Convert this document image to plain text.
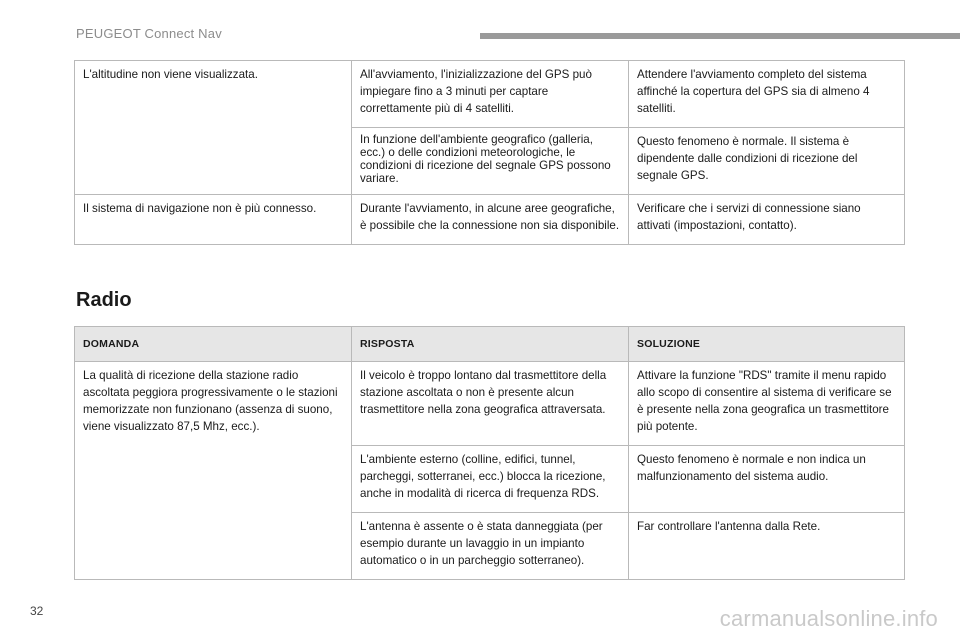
PEUGEOT Connect Nav
L'altitudine non viene visualizzata.	All'avviamento, l'inizializzazione del GPS può impiegare fino a 3 minuti per captare correttamente più di 4 satelliti.	Attendere l'avviamento completo del sistema affinché la copertura del GPS sia di almeno 4 satelliti.
	In funzione dell'ambiente geografico (galleria, ecc.) o delle condizioni meteorologiche, le condizioni di ricezione del segnale GPS possono variare.	Questo fenomeno è normale. Il sistema è dipendente dalle condizioni di ricezione del segnale GPS.
Il sistema di navigazione non è più connesso.	Durante l'avviamento, in alcune aree geografiche, è possibile che la connessione non sia disponibile.	Verificare che i servizi di connessione siano attivati (impostazioni, contatto).
Radio
DOMANDA	RISPOSTA	SOLUZIONE
La qualità di ricezione della stazione radio ascoltata peggiora progressivamente o le stazioni memorizzate non funzionano (assenza di suono, viene visualizzato 87,5 Mhz, ecc.).	Il veicolo è troppo lontano dal trasmettitore della stazione ascoltata o non è presente alcun trasmettitore nella zona geografica attraversata.	Attivare la funzione "RDS" tramite il menu rapido allo scopo di consentire al sistema di verificare se è presente nella zona geografica un trasmettitore più potente.
	L'ambiente esterno (colline, edifici, tunnel, parcheggi, sotterranei, ecc.) blocca la ricezione, anche in modalità di ricerca di frequenza RDS.	Questo fenomeno è normale e non indica un malfunzionamento del sistema audio.
	L'antenna è assente o è stata danneggiata (per esempio durante un lavaggio in un impianto automatico o in un parcheggio sotterraneo).	Far controllare l'antenna dalla Rete.
32	carmanualsonline.info
